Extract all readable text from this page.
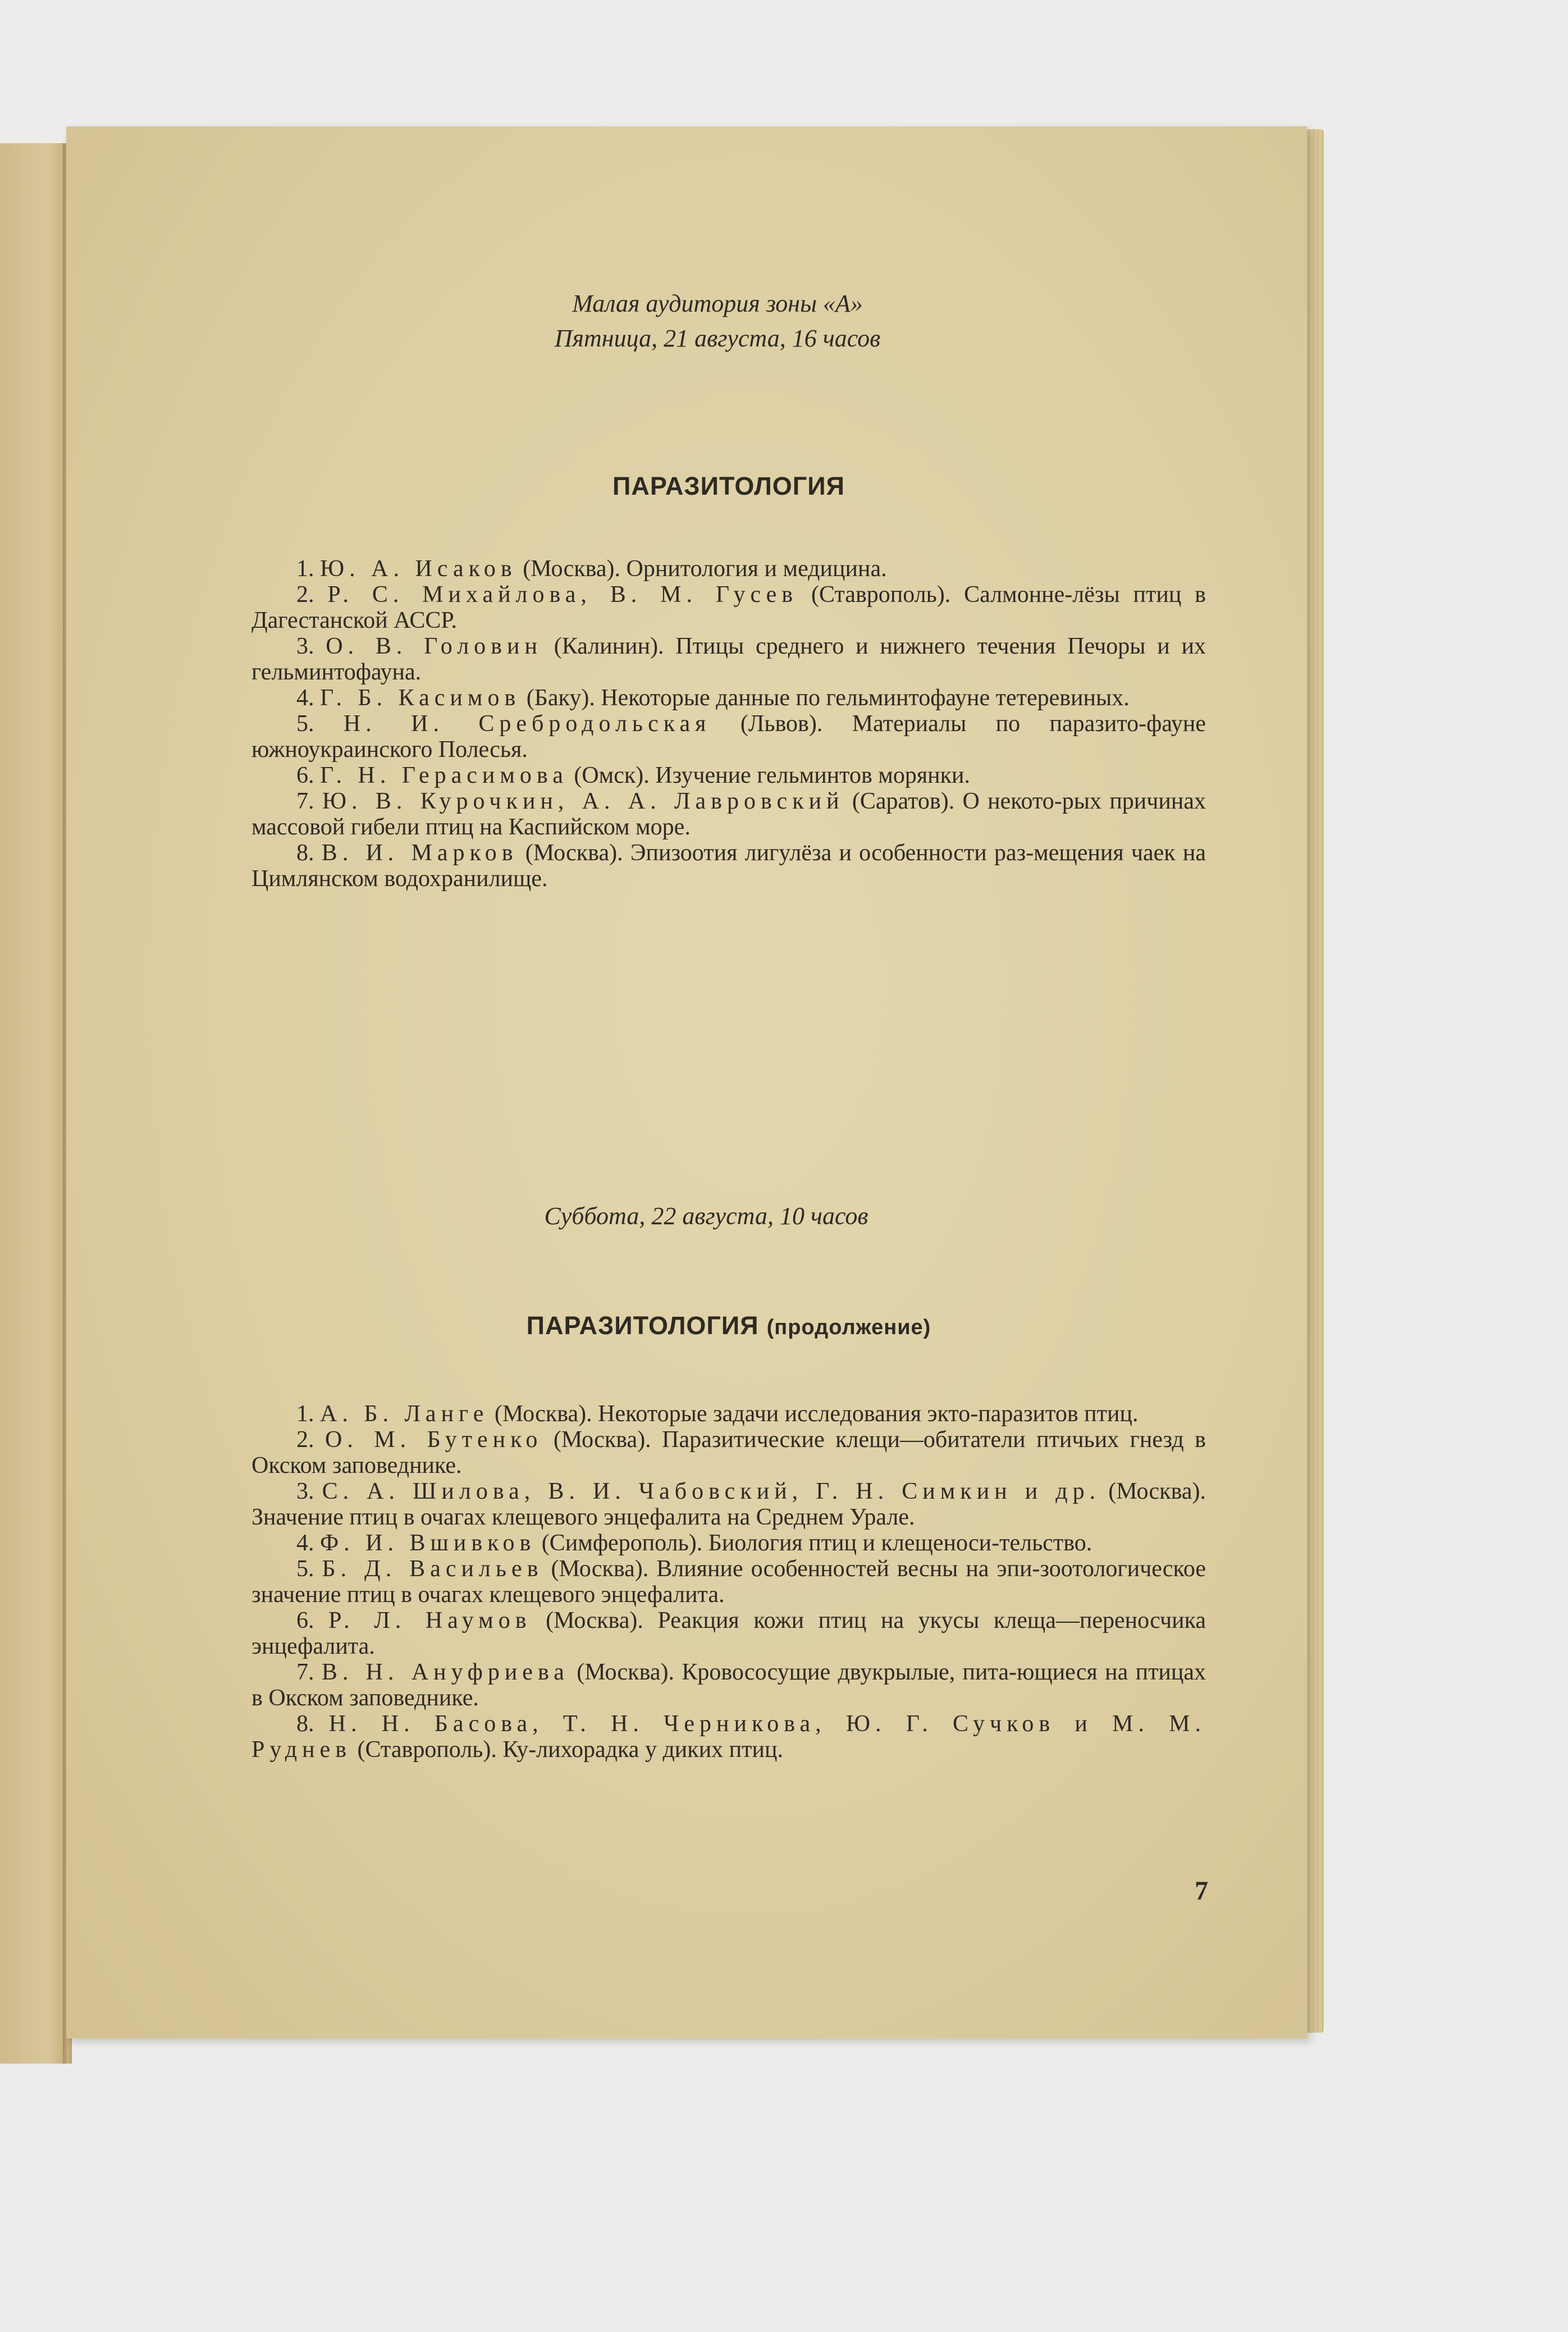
Малая аудитория зоны «А»
Пятница, 21 августа, 16 часов
ПАРАЗИТОЛОГИЯ

1. Ю. А. Исаков (Москва). Орнитология и медицина.

2. Р. С. Михайлова, В. М. Гусев (Ставрополь). Салмонне-лёзы птиц в Дагестанской АССР.

3. О. В. Головин (Калинин). Птицы среднего и нижнего течения Печоры и их гельминтофауна.

4. Г. Б. Касимов (Баку). Некоторые данные по гельминтофауне тетеревиных.

5. Н. И. Сребродольская (Львов). Материалы по паразито-фауне южноукраинского Полесья.

6. Г. Н. Герасимова (Омск). Изучение гельминтов морянки.

7. Ю. В. Курочкин, А. А. Лавровский (Саратов). О некото-рых причинах массовой гибели птиц на Каспийском море.

8. В. И. Марков (Москва). Эпизоотия лигулёза и особенности раз-мещения чаек на Цимлянском водохранилище.

Суббота, 22 августа, 10 часов
ПАРАЗИТОЛОГИЯ (продолжение)

1. А. Б. Ланге (Москва). Некоторые задачи исследования экто-паразитов птиц.

2. О. М. Бутенко (Москва). Паразитические клещи—обитатели птичьих гнезд в Окском заповеднике.

3. С. А. Шилова, В. И. Чабовский, Г. Н. Симкин и др. (Москва). Значение птиц в очагах клещевого энцефалита на Среднем Урале.

4. Ф. И. Вшивков (Симферополь). Биология птиц и клещеноси-тельство.

5. Б. Д. Васильев (Москва). Влияние особенностей весны на эпи-зоотологическое значение птиц в очагах клещевого энцефалита.

6. Р. Л. Наумов (Москва). Реакция кожи птиц на укусы клеща—переносчика энцефалита.

7. В. Н. Ануфриева (Москва). Кровососущие двукрылые, пита-ющиеся на птицах в Окском заповеднике.

8. Н. Н. Басова, Т. Н. Черникова, Ю. Г. Сучков и М. М. Руднев (Ставрополь). Ку-лихорадка у диких птиц.

7
